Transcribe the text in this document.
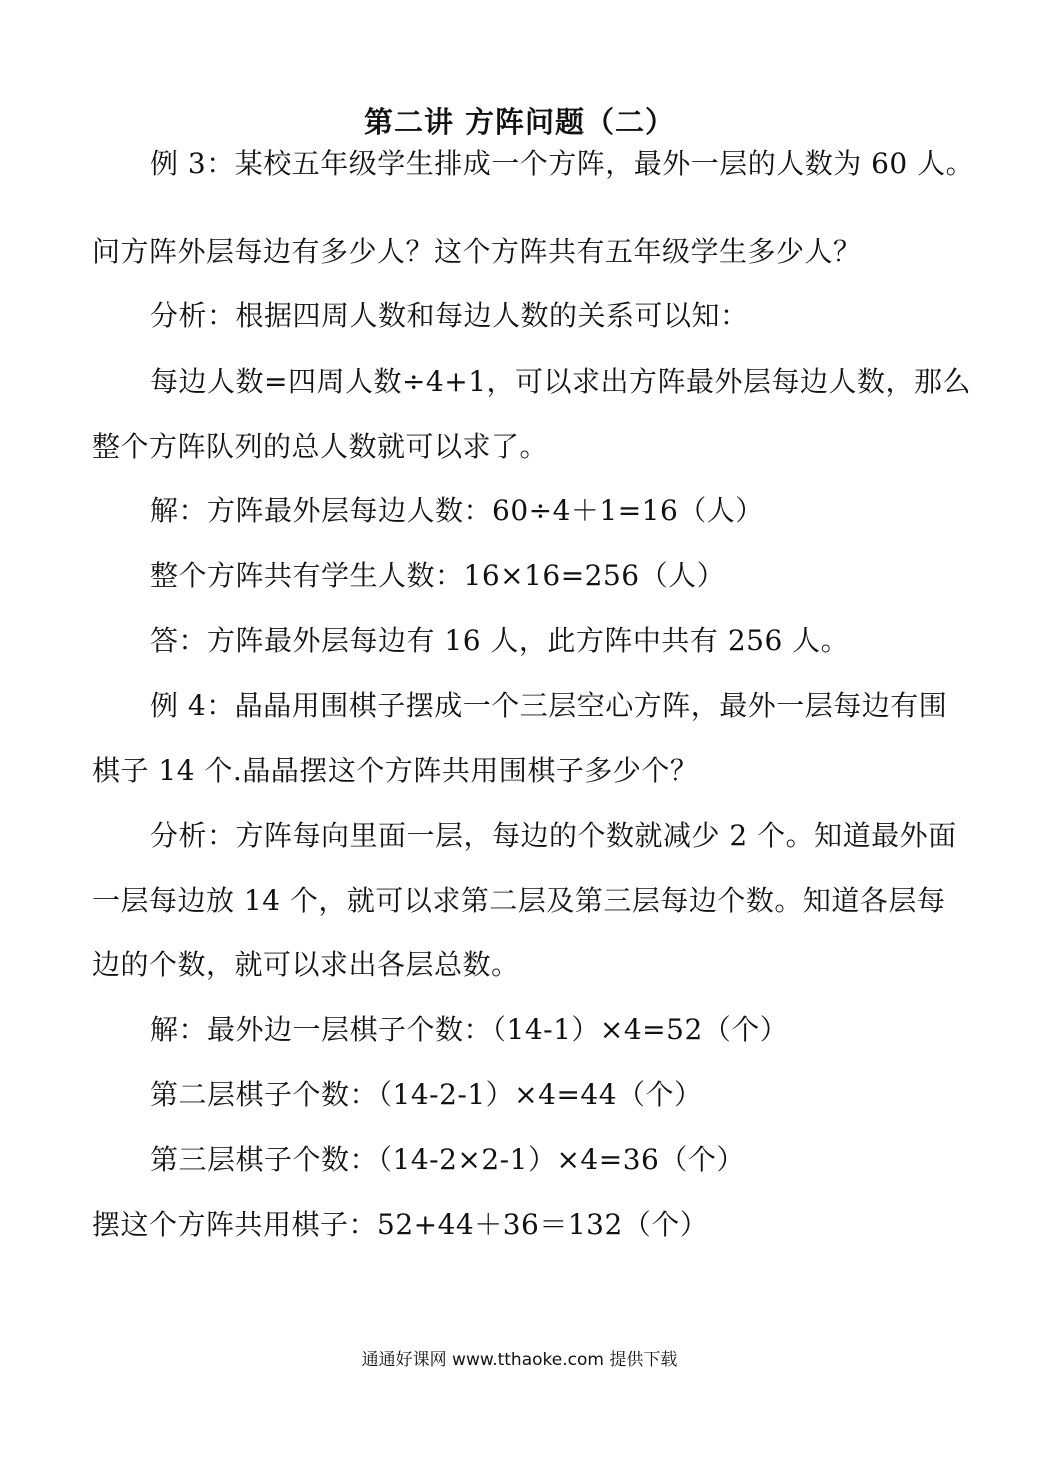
第二讲 方阵问题（二）
例 3：某校五年级学生排成一个方阵，最外一层的人数为 60 人。
问方阵外层每边有多少人？这个方阵共有五年级学生多少人？
分析：根据四周人数和每边人数的关系可以知：
每边人数=四周人数÷4+1，可以求出方阵最外层每边人数，那么
整个方阵队列的总人数就可以求了。
解：方阵最外层每边人数：60÷4＋1=16（人）
整个方阵共有学生人数：16×16=256（人）
答：方阵最外层每边有 16 人，此方阵中共有 256 人。
例 4：晶晶用围棋子摆成一个三层空心方阵，最外一层每边有围
棋子 14 个.晶晶摆这个方阵共用围棋子多少个？
分析：方阵每向里面一层，每边的个数就减少 2 个。知道最外面
一层每边放 14 个，就可以求第二层及第三层每边个数。知道各层每
边的个数，就可以求出各层总数。
解：最外边一层棋子个数：（14-1）×4=52（个）
第二层棋子个数：（14-2-1）×4=44（个）
第三层棋子个数：（14-2×2-1）×4=36（个）
摆这个方阵共用棋子：52+44＋36＝132（个）
通通好课网 www.tthaoke.com 提供下载
